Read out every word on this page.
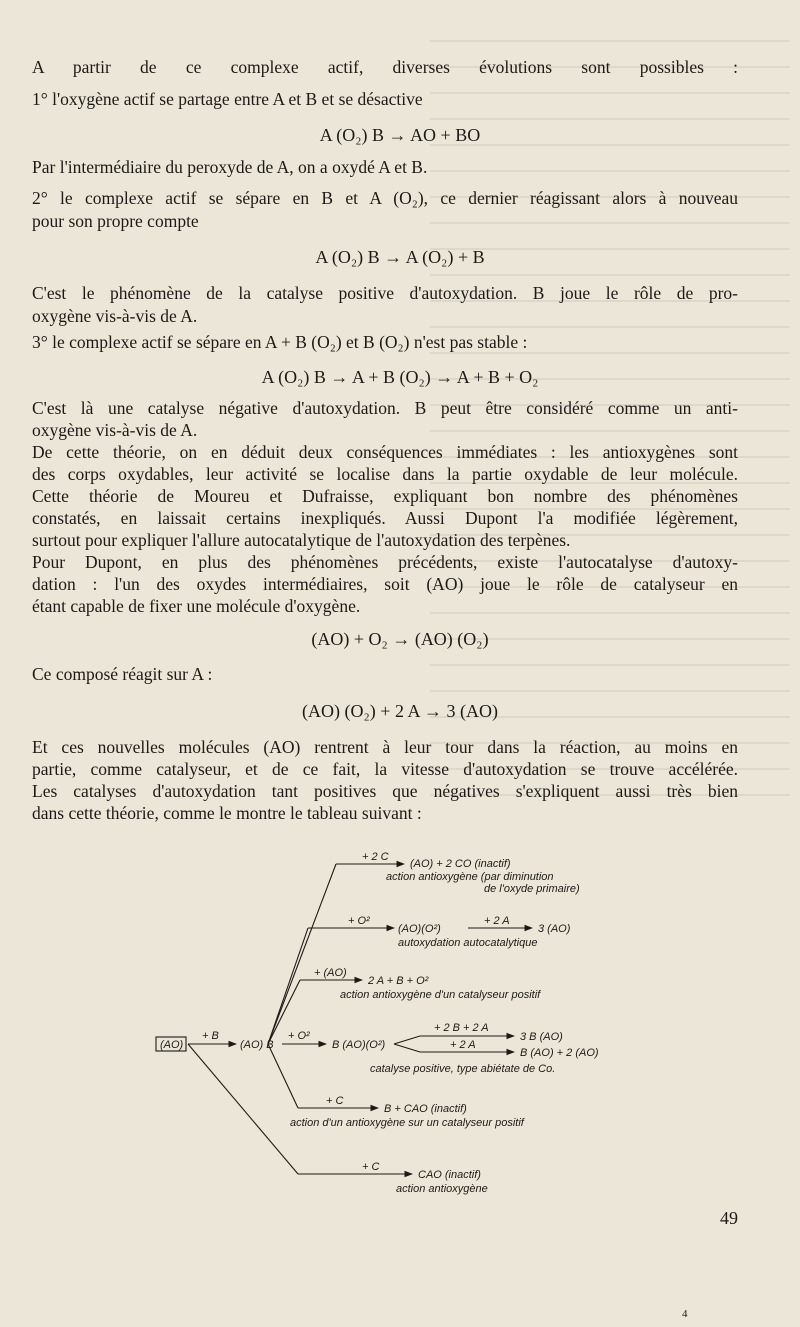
A partir de ce complexe actif, diverses évolutions sont possibles :
1° l'oxygène actif se partage entre A et B et se désactive
A (O₂) B → AO + BO
Par l'intermédiaire du peroxyde de A, on a oxydé A et B.
2° le complexe actif se sépare en B et A (O₂), ce dernier réagissant alors à nouveau
pour son propre compte
A (O₂) B → A (O₂) + B
C'est le phénomène de la catalyse positive d'autoxydation. B joue le rôle de pro-
oxygène vis-à-vis de A.
3° le complexe actif se sépare en A + B (O₂) et B (O₂) n'est pas stable :
A (O₂) B → A + B (O₂) → A + B + O₂
C'est là une catalyse négative d'autoxydation. B peut être considéré comme un anti-
oxygène vis-à-vis de A.
De cette théorie, on en déduit deux conséquences immédiates : les antioxygènes sont
des corps oxydables, leur activité se localise dans la partie oxydable de leur molécule.
Cette théorie de Moureu et Dufraisse, expliquant bon nombre des phénomènes
constatés, en laissait certains inexpliqués. Aussi Dupont l'a modifiée légèrement,
surtout pour expliquer l'allure autocatalytique de l'autoxydation des terpènes.
Pour Dupont, en plus des phénomènes précédents, existe l'autocatalyse d'autoxy-
dation : l'un des oxydes intermédiaires, soit (AO) joue le rôle de catalyseur en
étant capable de fixer une molécule d'oxygène.
(AO) + O₂ → (AO) (O₂)
Ce composé réagit sur A :
(AO) (O₂) + 2 A → 3 (AO)
Et ces nouvelles molécules (AO) rentrent à leur tour dans la réaction, au moins en
partie, comme catalyseur, et de ce fait, la vitesse d'autoxydation se trouve accélérée.
Les catalyses d'autoxydation tant positives que négatives s'expliquent aussi très bien
dans cette théorie, comme le montre le tableau suivant :
(AO)
+ B
(AO) B
+ 2 C
(AO) + 2 CO (inactif)
action antioxygène (par diminution
de l'oxyde primaire)
+ O²
(AO)(O²)
+ 2 A
3 (AO)
autoxydation autocatalytique
+ (AO)
2 A + B + O²
action antioxygène d'un catalyseur positif
+ O²
B (AO)(O²)
+ 2 B + 2 A
3 B (AO)
+ 2 A
B (AO) + 2 (AO)
catalyse positive, type abiétate de Co.
+ C
B + CAO (inactif)
action d'un antioxygène sur un catalyseur positif
+ C
CAO (inactif)
action antioxygène
49
4
